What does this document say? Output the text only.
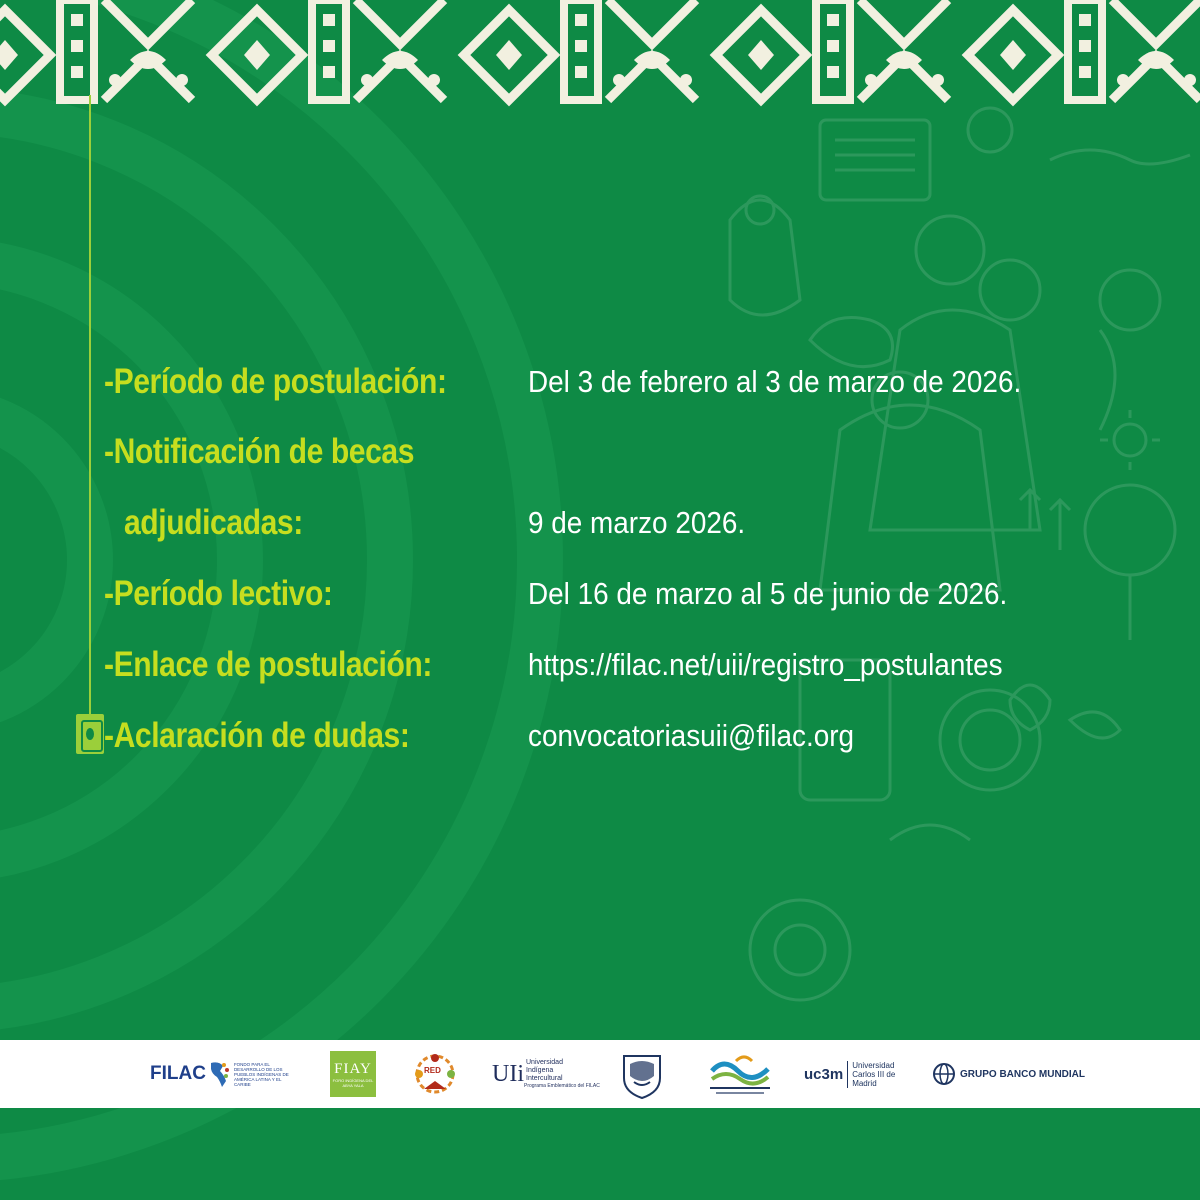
-Período de postulación:	Del 3 de febrero al 3 de marzo de 2026.
-Notificación de becas
adjudicadas:	9 de marzo 2026.
-Período lectivo:	Del 16 de marzo al 5 de junio de 2026.
-Enlace de postulación:	https://filac.net/uii/registro_postulantes
-Aclaración de dudas:	convocatoriasuii@filac.org
FILAC	FONDO PARA EL DESARROLLO DE LOS PUEBLOS INDÍGENAS DE AMÉRICA LATINA Y EL CARIBE
FIAY
FORO INDÍGENA DEL ABYA YALA
RED UIi Universidad Indígena Intercultural
Programa Emblemático del FILAC
uc3m
Universidad Carlos III de Madrid
GRUPO BANCO MUNDIAL
